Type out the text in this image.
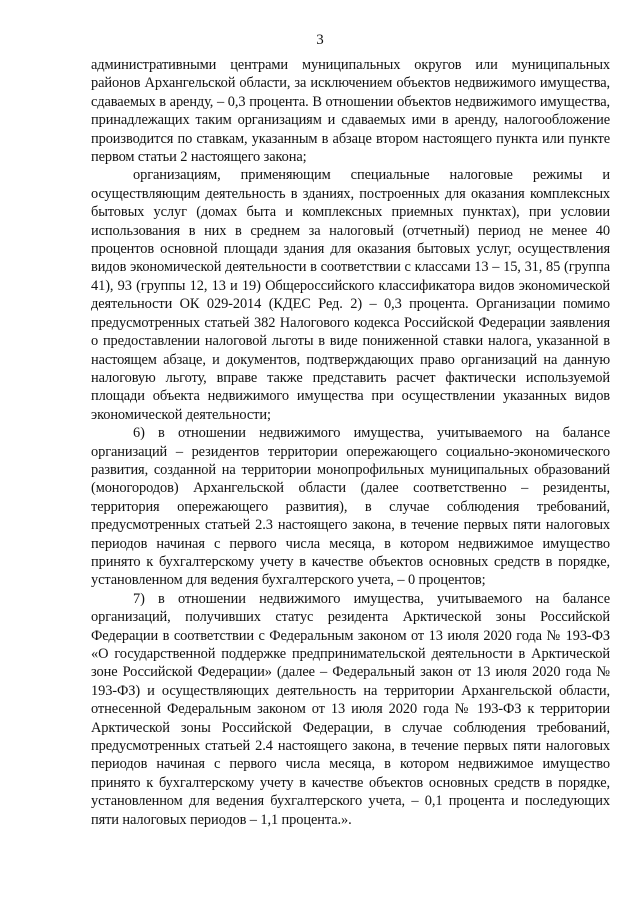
3

административными центрами муниципальных округов или муниципальных районов Архангельской области, за исключением объектов недвижимого имущества, сдаваемых в аренду, – 0,3 процента. В отношении объектов недвижимого имущества, принадлежащих таким организациям и сдаваемых ими в аренду, налогообложение производится по ставкам, указанным в абзаце втором настоящего пункта или пункте первом статьи 2 настоящего закона;

организациям, применяющим специальные налоговые режимы и осуществляющим деятельность в зданиях, построенных для оказания комплексных бытовых услуг (домах быта и комплексных приемных пунктах), при условии использования в них в среднем за налоговый (отчетный) период не менее 40 процентов основной площади здания для оказания бытовых услуг, осуществления видов экономической деятельности в соответствии с классами 13 – 15, 31, 85 (группа 41), 93 (группы 12, 13 и 19) Общероссийского классификатора видов экономической деятельности ОК 029-2014 (КДЕС Ред. 2) – 0,3 процента. Организации помимо предусмотренных статьей 382 Налогового кодекса Российской Федерации заявления о предоставлении налоговой льготы в виде пониженной ставки налога, указанной в настоящем абзаце, и документов, подтверждающих право организаций на данную налоговую льготу, вправе также представить расчет фактически используемой площади объекта недвижимого имущества при осуществлении указанных видов экономической деятельности;

6) в отношении недвижимого имущества, учитываемого на балансе организаций – резидентов территории опережающего социально-экономического развития, созданной на территории монопрофильных муниципальных образований (моногородов) Архангельской области (далее соответственно – резиденты, территория опережающего развития), в случае соблюдения требований, предусмотренных статьей 2.3 настоящего закона, в течение первых пяти налоговых периодов начиная с первого числа месяца, в котором недвижимое имущество принято к бухгалтерскому учету в качестве объектов основных средств в порядке, установленном для ведения бухгалтерского учета, – 0 процентов;

7) в отношении недвижимого имущества, учитываемого на балансе организаций, получивших статус резидента Арктической зоны Российской Федерации в соответствии с Федеральным законом от 13 июля 2020 года № 193-ФЗ «О государственной поддержке предпринимательской деятельности в Арктической зоне Российской Федерации» (далее – Федеральный закон от 13 июля 2020 года № 193-ФЗ) и осуществляющих деятельность на территории Архангельской области, отнесенной Федеральным законом от 13 июля 2020 года № 193-ФЗ к территории Арктической зоны Российской Федерации, в случае соблюдения требований, предусмотренных статьей 2.4 настоящего закона, в течение первых пяти налоговых периодов начиная с первого числа месяца, в котором недвижимое имущество принято к бухгалтерскому учету в качестве объектов основных средств в порядке, установленном для ведения бухгалтерского учета, – 0,1 процента и последующих пяти налоговых периодов – 1,1 процента.».
